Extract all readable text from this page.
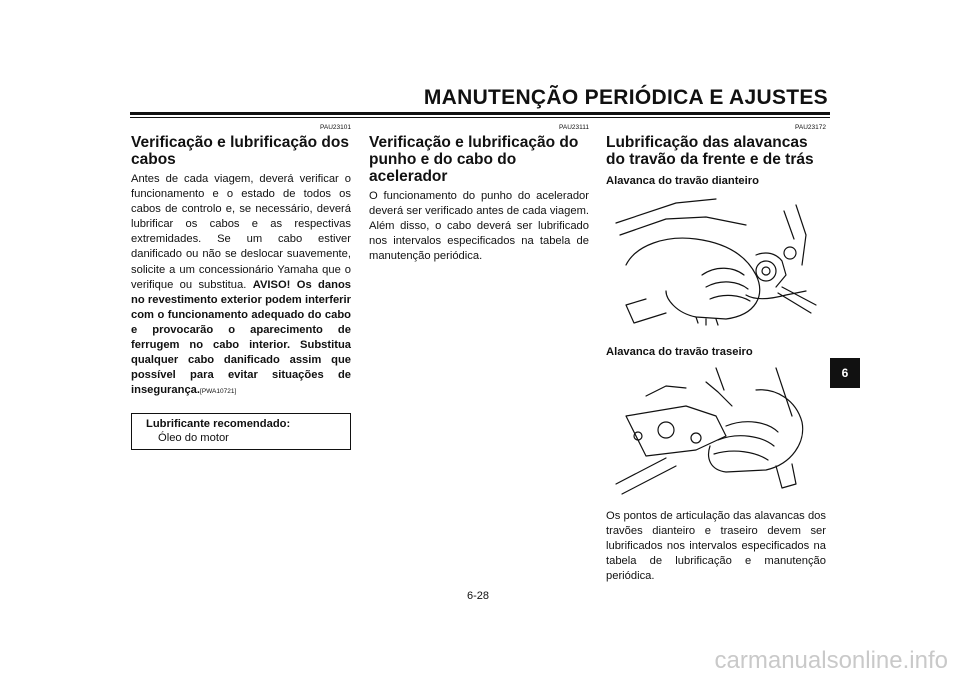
MANUTENÇÃO PERIÓDICA E AJUSTES
PAU23101
Verificação e lubrificação dos cabos

Antes de cada viagem, deverá verificar o funcionamento e o estado de todos os cabos de controlo e, se necessário, deverá lubrificar os cabos e as respectivas extremidades. Se um cabo estiver danificado ou não se deslocar suavemente, solicite a um concessionário Yamaha que o verifique ou substitua. AVISO! Os danos no revestimento exterior podem interferir com o funcionamento adequado do cabo e provocarão o aparecimento de ferrugem no cabo interior. Substitua qualquer cabo danificado assim que possível para evitar situações de insegurança.[PWA10721]

Lubrificante recomendado:
Óleo do motor
PAU23111
Verificação e lubrificação do punho e do cabo do acelerador

O funcionamento do punho do acelerador deverá ser verificado antes de cada viagem. Além disso, o cabo deverá ser lubrificado nos intervalos especificados na tabela de manutenção periódica.

PAU23172
Lubrificação das alavancas do travão da frente e de trás

Alavanca do travão dianteiro

Alavanca do travão traseiro

Os pontos de articulação das alavancas dos travões dianteiro e traseiro devem ser lubrificados nos intervalos especificados na tabela de lubrificação e manutenção periódica.

6
6-28
carmanualsonline.info
